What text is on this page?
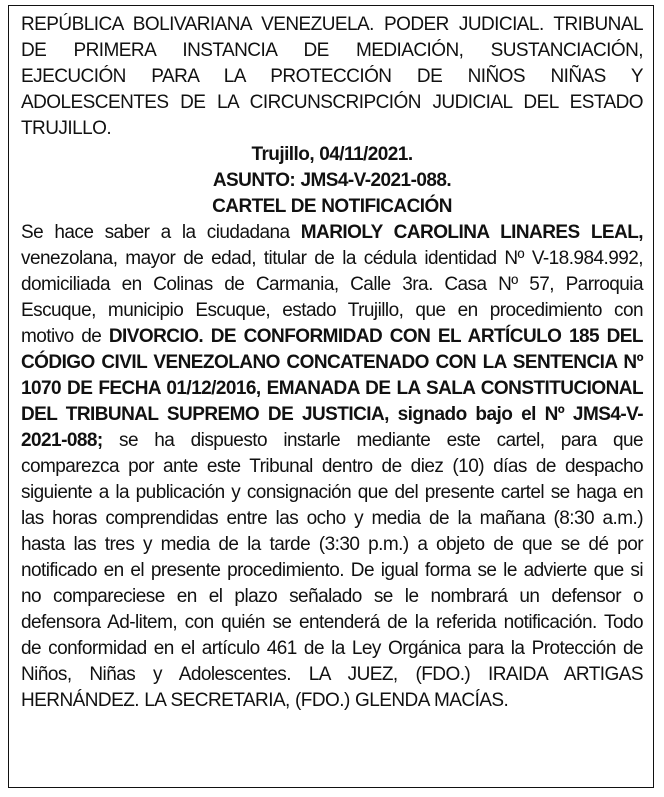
REPÚBLICA BOLIVARIANA VENEZUELA. PODER JUDICIAL. TRIBUNAL DE PRIMERA INSTANCIA DE MEDIACIÓN, SUSTANCIACIÓN, EJECUCIÓN PARA LA PROTECCIÓN DE NIÑOS NIÑAS Y ADOLESCENTES DE LA CIRCUNSCRIPCIÓN JUDICIAL DEL ESTADO TRUJILLO.

Trujillo, 04/11/2021.

ASUNTO: JMS4-V-2021-088.

CARTEL DE NOTIFICACIÓN

Se hace saber a la ciudadana MARIOLY CAROLINA LINARES LEAL, venezolana, mayor de edad, titular de la cédula identidad Nº V-18.984.992, domiciliada en Colinas de Carmania, Calle 3ra. Casa Nº 57, Parroquia Escuque, municipio Escuque, estado Trujillo, que en procedimiento con motivo de DIVORCIO. DE CONFORMIDAD CON EL ARTÍCULO 185 DEL CÓDIGO CIVIL VENEZOLANO CONCATENADO CON LA SENTENCIA Nº 1070 DE FECHA 01/12/2016, EMANADA DE LA SALA CONSTITUCIONAL DEL TRIBUNAL SUPREMO DE JUSTICIA, signado bajo el Nº JMS4-V-2021-088; se ha dispuesto instarle mediante este cartel, para que comparezca por ante este Tribunal dentro de diez (10) días de despacho siguiente a la publicación y consignación que del presente cartel se haga en las horas comprendidas entre las ocho y media de la mañana (8:30 a.m.) hasta las tres y media de la tarde (3:30 p.m.) a objeto de que se dé por notificado en el presente procedimiento. De igual forma se le advierte que si no compareciese en el plazo señalado se le nombrará un defensor o defensora Ad-litem, con quién se entenderá de la referida notificación. Todo de conformidad en el artículo 461 de la Ley Orgánica para la Protección de Niños, Niñas y Adolescentes. LA JUEZ, (FDO.) IRAIDA ARTIGAS HERNÁNDEZ. LA SECRETARIA, (FDO.) GLENDA MACÍAS.
